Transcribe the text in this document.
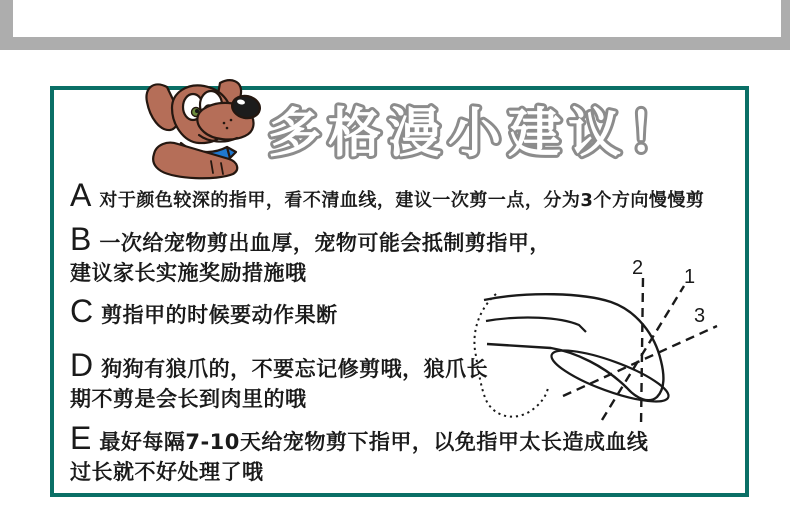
多格漫小建议！
A 对于颜色较深的指甲，看不清血线，建议一次剪一点，分为3个方向慢慢剪
B 一次给宠物剪出血厚，宠物可能会抵制剪指甲，
建议家长实施奖励措施哦
C 剪指甲的时候要动作果断
D 狗狗有狼爪的，不要忘记修剪哦，狼爪长
期不剪是会长到肉里的哦
E 最好每隔7-10天给宠物剪下指甲，以免指甲太长造成血线
过长就不好处理了哦
2 1
3
